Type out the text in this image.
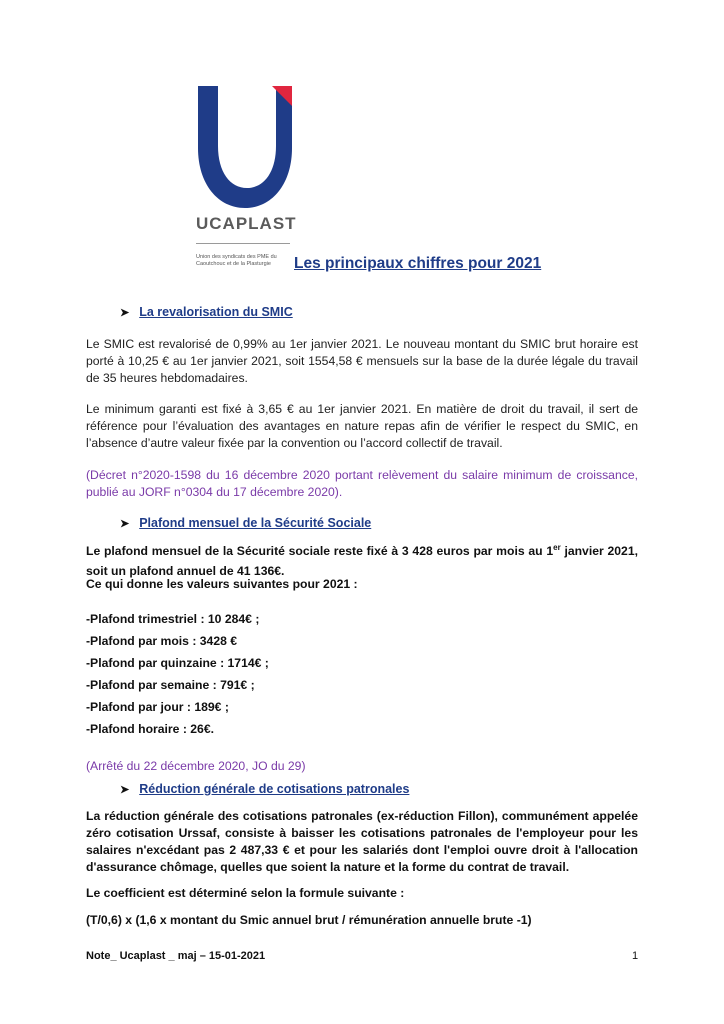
UCAPLAST
Union des syndicats des PME du Caoutchouc et de la Plasturgie	Les principaux chiffres pour 2021
➤ La revalorisation du SMIC
Le SMIC est revalorisé de 0,99% au 1er janvier 2021. Le nouveau montant du SMIC brut horaire est porté à 10,25 € au 1er janvier 2021, soit 1554,58 € mensuels sur la base de la durée légale du travail de 35 heures hebdomadaires.
Le minimum garanti est fixé à 3,65 € au 1er janvier 2021. En matière de droit du travail, il sert de référence pour l’évaluation des avantages en nature repas afin de vérifier le respect du SMIC, en l’absence d’autre valeur fixée par la convention ou l’accord collectif de travail.
(Décret n°2020-1598 du 16 décembre 2020 portant relèvement du salaire minimum de croissance, publié au JORF n°0304 du 17 décembre 2020).
➤ Plafond mensuel de la Sécurité Sociale
Le plafond mensuel de la Sécurité sociale reste fixé à 3 428 euros par mois au 1er janvier 2021, soit un plafond annuel de 41 136€.
Ce qui donne les valeurs suivantes pour 2021 :
-Plafond trimestriel : 10 284€ ;
-Plafond par mois : 3428 €
-Plafond par quinzaine : 1714€ ;
-Plafond par semaine : 791€ ;
-Plafond par jour : 189€ ;
-Plafond horaire : 26€.
(Arrêté du 22 décembre 2020, JO du 29)
➤ Réduction générale de cotisations patronales
La réduction générale des cotisations patronales (ex-réduction Fillon), communément appelée zéro cotisation Urssaf, consiste à baisser les cotisations patronales de l'employeur pour les salaires n'excédant pas 2 487,33 € et pour les salariés dont l'emploi ouvre droit à l'allocation d'assurance chômage, quelles que soient la nature et la forme du contrat de travail.
Le coefficient est déterminé selon la formule suivante :
(T/0,6) x (1,6 x montant du Smic annuel brut / rémunération annuelle brute -1)
Note_ Ucaplast _ maj – 15-01-2021	1
